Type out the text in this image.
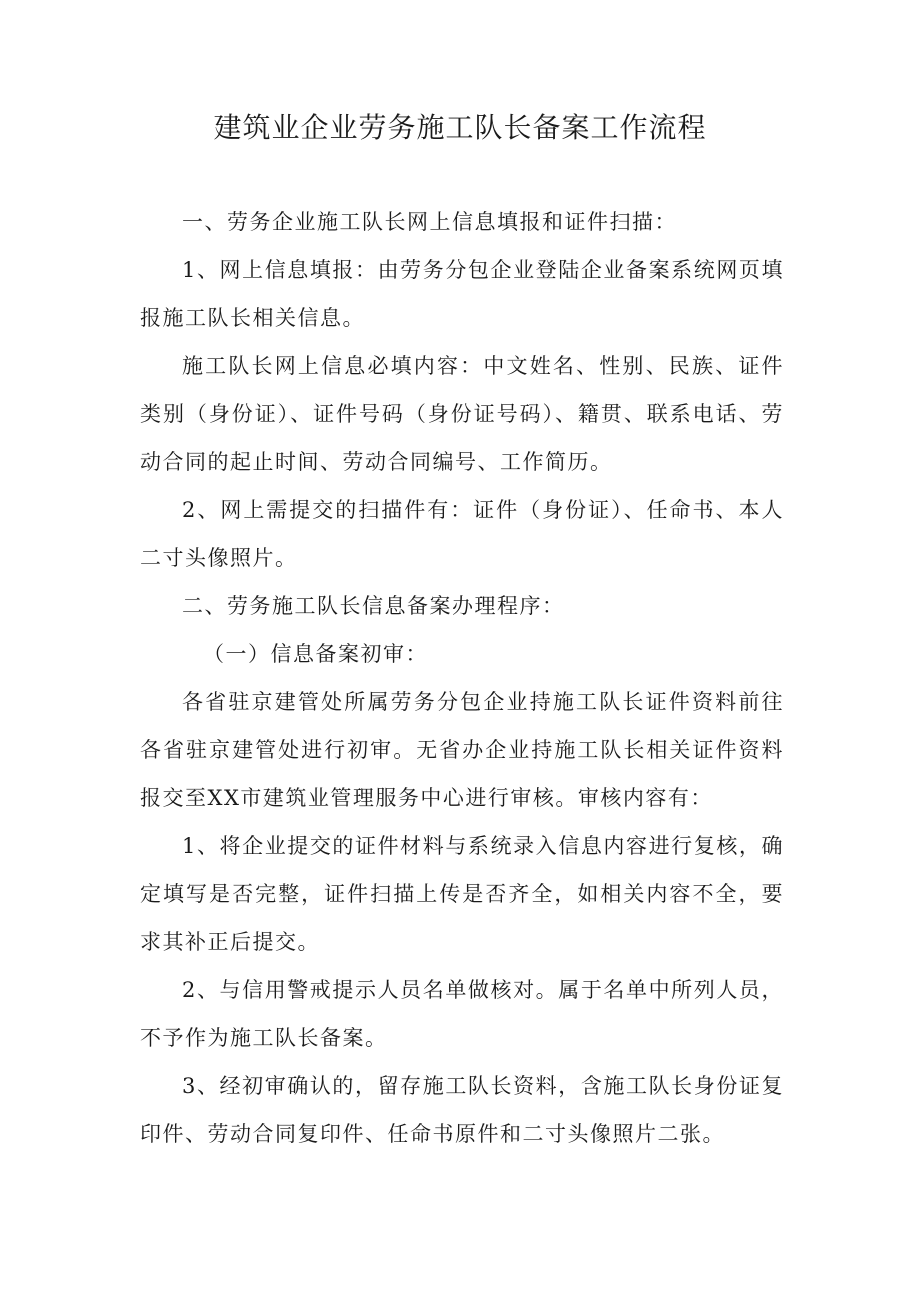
建筑业企业劳务施工队长备案工作流程

一、劳务企业施工队长网上信息填报和证件扫描：

1、网上信息填报：由劳务分包企业登陆企业备案系统网页填报施工队长相关信息。

施工队长网上信息必填内容：中文姓名、性别、民族、证件类别（身份证）、证件号码（身份证号码）、籍贯、联系电话、劳动合同的起止时间、劳动合同编号、工作简历。

2、网上需提交的扫描件有：证件（身份证）、任命书、本人二寸头像照片。

二、劳务施工队长信息备案办理程序：

（一）信息备案初审：

各省驻京建管处所属劳务分包企业持施工队长证件资料前往各省驻京建管处进行初审。无省办企业持施工队长相关证件资料报交至XX市建筑业管理服务中心进行审核。审核内容有：

1、将企业提交的证件材料与系统录入信息内容进行复核，确定填写是否完整，证件扫描上传是否齐全，如相关内容不全，要求其补正后提交。

2、与信用警戒提示人员名单做核对。属于名单中所列人员，不予作为施工队长备案。

3、经初审确认的，留存施工队长资料，含施工队长身份证复印件、劳动合同复印件、任命书原件和二寸头像照片二张。
